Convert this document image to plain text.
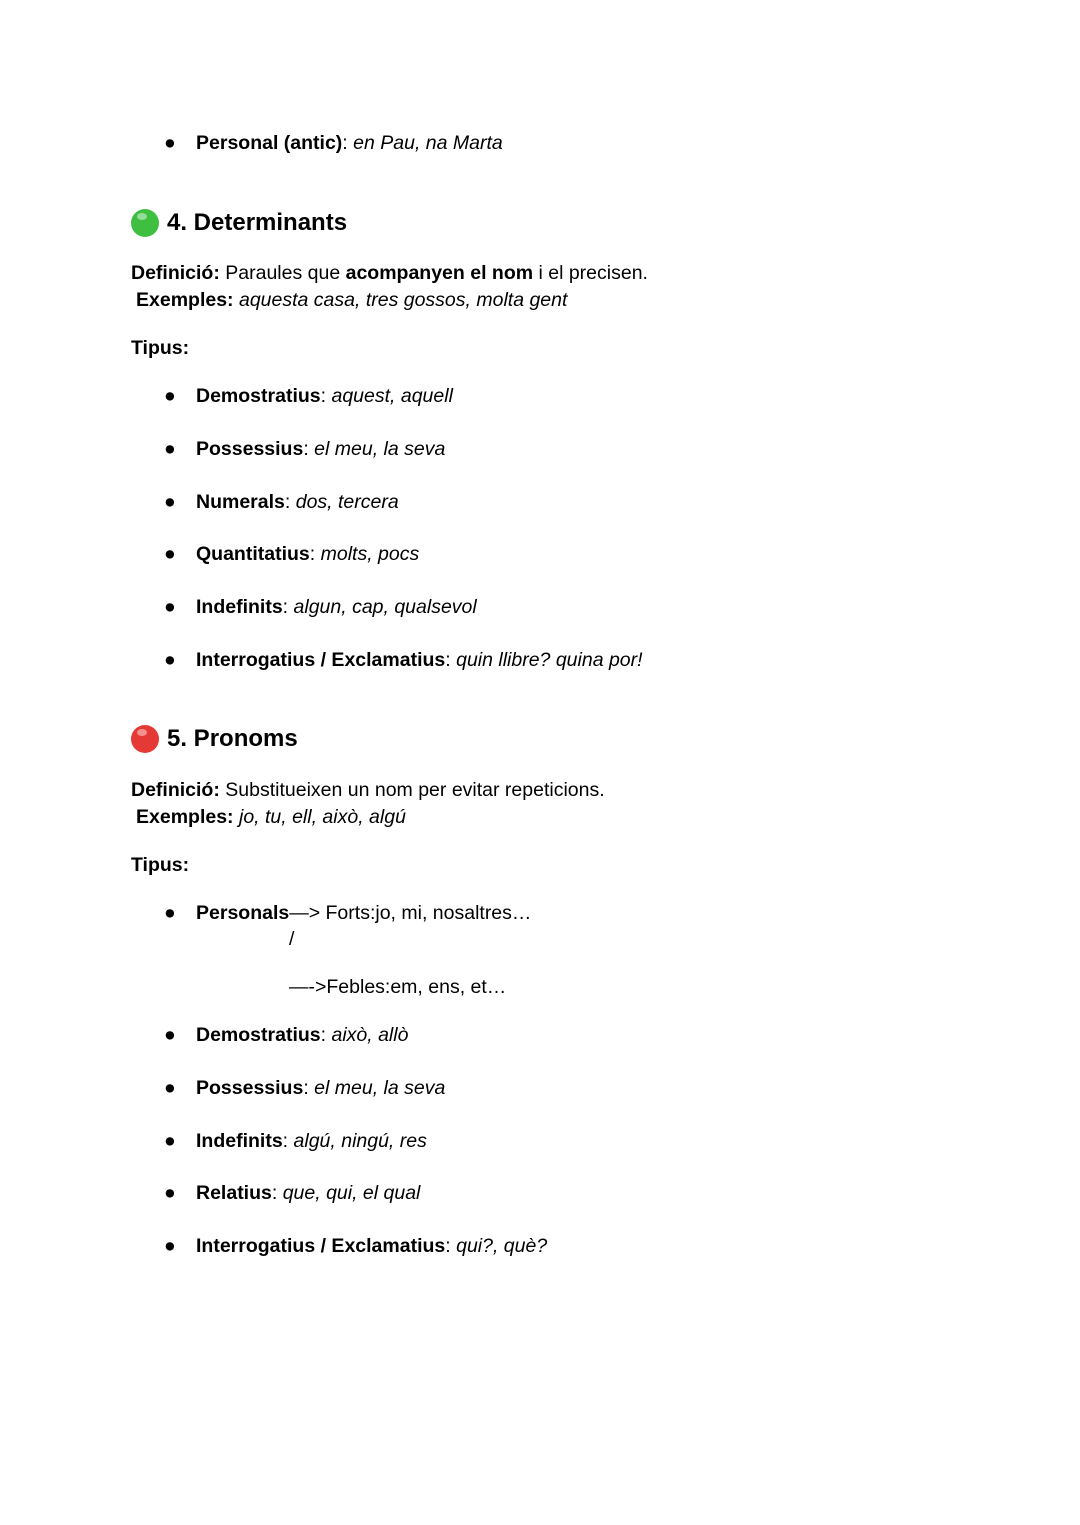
● Personal (antic): en Pau, na Marta
4. Determinants
Definició: Paraules que acompanyen el nom i el precisen.
Exemples: aquesta casa, tres gossos, molta gent
Tipus:
● Demostratius: aquest, aquell
● Possessius: el meu, la seva
● Numerals: dos, tercera
● Quantitatius: molts, pocs
● Indefinits: algun, cap, qualsevol
● Interrogatius / Exclamatius: quin llibre? quina por!
5. Pronoms
Definició: Substitueixen un nom per evitar repeticions.
Exemples: jo, tu, ell, això, algú
Tipus:
● Personals—> Forts:jo, mi, nosaltres…
/
—->Febles:em, ens, et…
● Demostratius: això, allò
● Possessius: el meu, la seva
● Indefinits: algú, ningú, res
● Relatius: que, qui, el qual
● Interrogatius / Exclamatius: qui?, què?
